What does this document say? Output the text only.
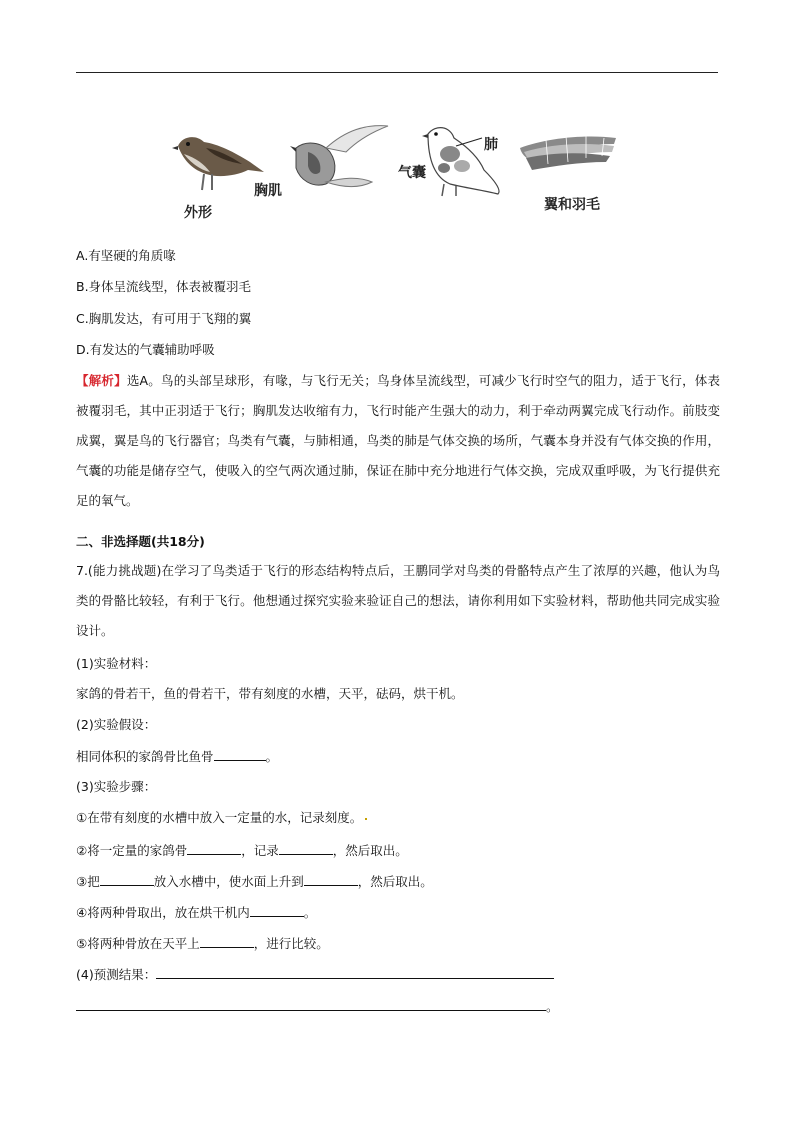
外形
胸肌
气囊
肺
翼和羽毛
A.有坚硬的角质喙
B.身体呈流线型，体表被覆羽毛
C.胸肌发达，有可用于飞翔的翼
D.有发达的气囊辅助呼吸
【解析】选A。鸟的头部呈球形，有喙，与飞行无关；鸟身体呈流线型，可减少飞行时空气的阻力，适于飞行，体表被覆羽毛，其中正羽适于飞行；胸肌发达收缩有力，飞行时能产生强大的动力，利于牵动两翼完成飞行动作。前肢变成翼，翼是鸟的飞行器官；鸟类有气囊，与肺相通，鸟类的肺是气体交换的场所，气囊本身并没有气体交换的作用，气囊的功能是储存空气，使吸入的空气两次通过肺，保证在肺中充分地进行气体交换，完成双重呼吸，为飞行提供充足的氧气。
二、非选择题(共18分)
7.(能力挑战题)在学习了鸟类适于飞行的形态结构特点后，王鹏同学对鸟类的骨骼特点产生了浓厚的兴趣，他认为鸟类的骨骼比较轻，有利于飞行。他想通过探究实验来验证自己的想法，请你利用如下实验材料，帮助他共同完成实验设计。
(1)实验材料：
家鸽的骨若干，鱼的骨若干，带有刻度的水槽，天平，砝码，烘干机。
(2)实验假设：
相同体积的家鸽骨比鱼骨	。
(3)实验步骤：
①在带有刻度的水槽中放入一定量的水，记录刻度。
②将一定量的家鸽骨	，记录	，然后取出。
③把	放入水槽中，使水面上升到	，然后取出。
④将两种骨取出，放在烘干机内	。
⑤将两种骨放在天平上	，进行比较。
(4)预测结果：
。
